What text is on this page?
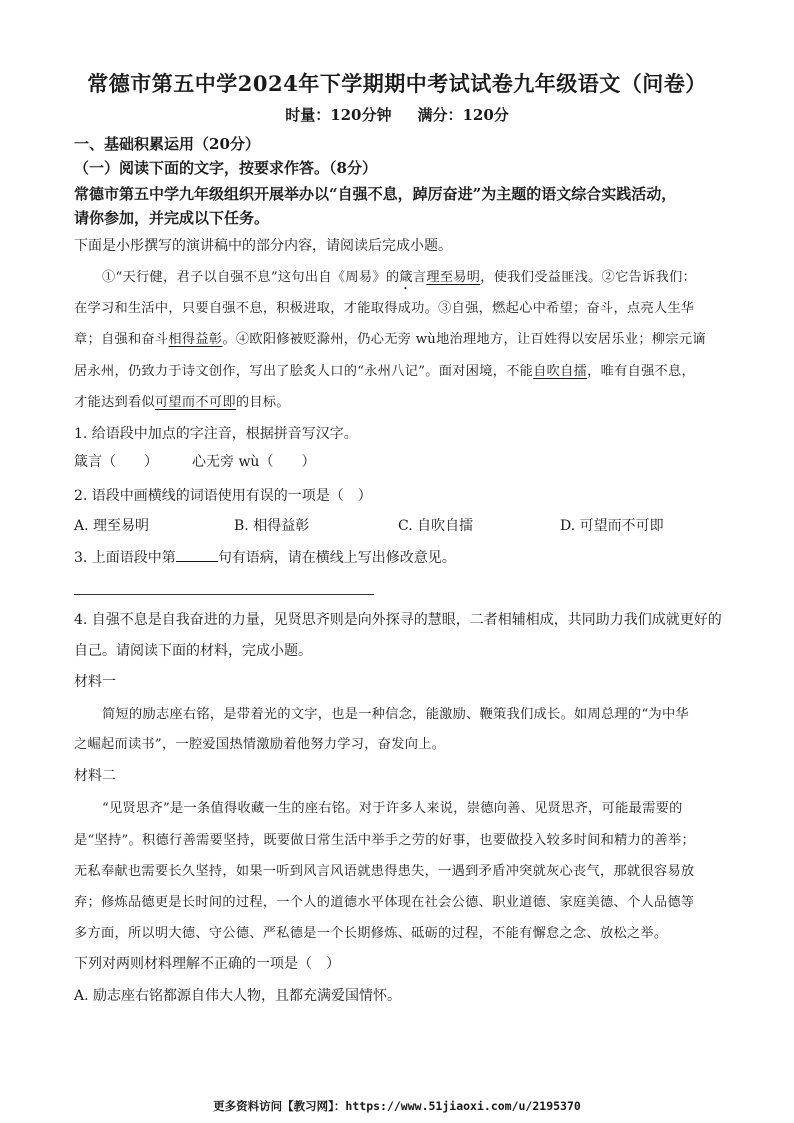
常德市第五中学2024年下学期期中考试试卷九年级语文（问卷）
时量：120分钟 满分：120分
一、基础积累运用（20分）
（一）阅读下面的文字，按要求作答。（8分）
常德市第五中学九年级组织开展举办以“自强不息，踔厉奋进”为主题的语文综合实践活动，
请你参加，并完成以下任务。
下面是小彤撰写的演讲稿中的部分内容，请阅读后完成小题。
①“天行健，君子以自强不息”这句出自《周易》的箴言理至易明，使我们受益匪浅。②它告诉我们：
在学习和生活中，只要自强不息，积极进取，才能取得成功。③自强，燃起心中希望；奋斗，点亮人生华
章；自强和奋斗相得益彰。④欧阳修被贬滁州，仍心无旁 wù地治理地方，让百姓得以安居乐业；柳宗元谪
居永州，仍致力于诗文创作，写出了脍炙人口的“永州八记”。面对困境，不能自吹自擂，唯有自强不息，
才能达到看似可望而不可即的目标。
1. 给语段中加点的字注音，根据拼音写汉字。
箴言（　　） 心无旁 wù（　　）
2. 语段中画横线的词语使用有误的一项是（　）
A. 理至易明	B. 相得益彰	C. 自吹自擂	D. 可望而不可即
3. 上面语段中第	句有语病，请在横线上写出修改意见。
4. 自强不息是自我奋进的力量，见贤思齐则是向外探寻的慧眼，二者相辅相成，共同助力我们成就更好的
自己。请阅读下面的材料，完成小题。
材料一
简短的励志座右铭，是带着光的文字，也是一种信念，能激励、鞭策我们成长。如周总理的“为中华
之崛起而读书”，一腔爱国热情激励着他努力学习，奋发向上。
材料二
“见贤思齐”是一条值得收藏一生的座右铭。对于许多人来说，崇德向善、见贤思齐，可能最需要的
是“坚持”。积德行善需要坚持，既要做日常生活中举手之劳的好事，也要做投入较多时间和精力的善举；
无私奉献也需要长久坚持，如果一听到风言风语就患得患失，一遇到矛盾冲突就灰心丧气，那就很容易放
弃；修炼品德更是长时间的过程，一个人的道德水平体现在社会公德、职业道德、家庭美德、个人品德等
多方面，所以明大德、守公德、严私德是一个长期修炼、砥砺的过程，不能有懈怠之念、放松之举。
下列对两则材料理解不正确的一项是（　）
A. 励志座右铭都源自伟大人物，且都充满爱国情怀。
更多资料访问【教习网】：https://www.51jiaoxi.com/u/2195370
